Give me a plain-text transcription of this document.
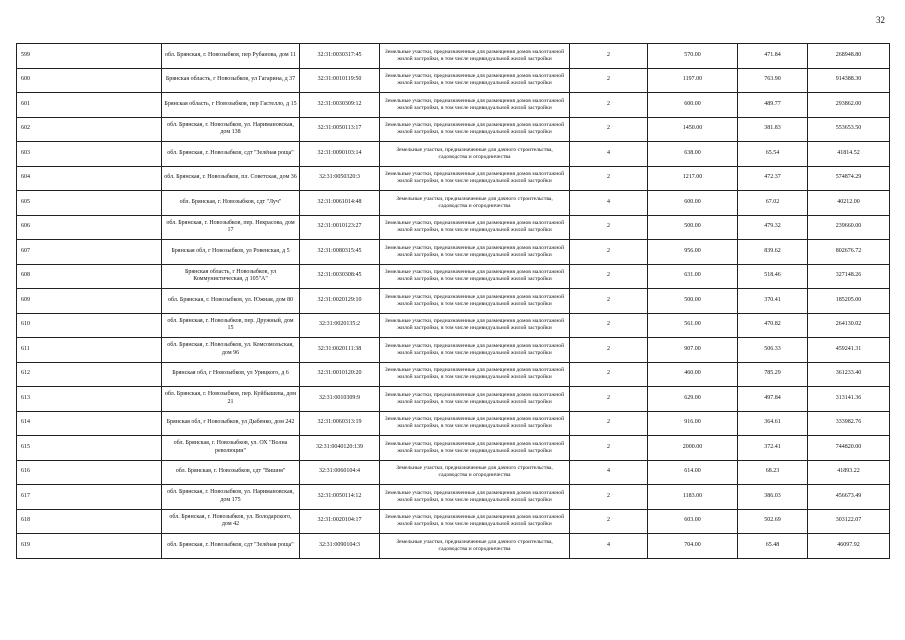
32
599	обл. Брянская, г. Новозыбков, пер Рубанова, дом 11	32:31:0030317:45	Земельные участки, предназначенные для размещения домов малоэтажной жилой застройки, в том числе индивидуальной жилой застройки	2	570.00	471.84	268948.80
600	Брянская область, г Новозыбков, ул Гагарина, д 37	32:31:0010119:50	Земельные участки, предназначенные для размещения домов малоэтажной жилой застройки, в том числе индивидуальной жилой застройки	2	1197.00	763.90	914388.30
601	Брянская область, г Новозыбков, пер Гастелло, д 15	32:31:0030309:12	Земельные участки, предназначенные для размещения домов малоэтажной жилой застройки, в том числе индивидуальной жилой застройки	2	600.00	489.77	293862.00
602	обл. Брянская, г. Новозыбков, ул. Наримановская, дом 138	32:31:0050113:17	Земельные участки, предназначенные для размещения домов малоэтажной жилой застройки, в том числе индивидуальной жилой застройки	2	1450.00	381.83	553653.50
603	обл. Брянская, г. Новозыбков, сдт "Зелёная роща"	32:31:0090103:14	Земельные участки, предназначенные для дачного строительства, садоводства и огородничества	4	638.00	65.54	41814.52
604	обл. Брянская, г. Новозыбков, пл. Советская, дом 36	32:31:0050320:3	Земельные участки, предназначенные для размещения домов малоэтажной жилой застройки, в том числе индивидуальной жилой застройки	2	1217.00	472.37	574874.29
605	обл. Брянская, г. Новозыбков, сдт "Луч"	32:31:0061014:48	Земельные участки, предназначенные для дачного строительства, садоводства и огородничества	4	600.00	67.02	40212.00
606	обл. Брянская, г. Новозыбков, пер. Некрасова, дом 17	32:31:0010123:27	Земельные участки, предназначенные для размещения домов малоэтажной жилой застройки, в том числе индивидуальной жилой застройки	2	500.00	479.32	239660.00
607	Брянская обл, г Новозыбков, ул Ровенская, д 5	32:31:0080315:45	Земельные участки, предназначенные для размещения домов малоэтажной жилой застройки, в том числе индивидуальной жилой застройки	2	956.00	839.62	802676.72
608	Брянская область, г Новозыбков, ул Коммунистическая, д 105"А"	32:31:0030308:45	Земельные участки, предназначенные для размещения домов малоэтажной жилой застройки, в том числе индивидуальной жилой застройки	2	631.00	518.46	327148.26
609	обл. Брянская, г. Новозыбков, ул. Южная, дом 80	32:31:0020129:10	Земельные участки, предназначенные для размещения домов малоэтажной жилой застройки, в том числе индивидуальной жилой застройки	2	500.00	370.41	185205.00
610	обл. Брянская, г. Новозыбков, пер. Дружный, дом 15	32:31:0020135:2	Земельные участки, предназначенные для размещения домов малоэтажной жилой застройки, в том числе индивидуальной жилой застройки	2	561.00	470.82	264130.02
611	обл. Брянская, г. Новозыбков, ул. Комсомольская, дом 96	32:31:0020111:38	Земельные участки, предназначенные для размещения домов малоэтажной жилой застройки, в том числе индивидуальной жилой застройки	2	907.00	506.33	459241.31
612	Брянская обл, г Новозыбков, ул Урицкого, д 6	32:31:0010120:20	Земельные участки, предназначенные для размещения домов малоэтажной жилой застройки, в том числе индивидуальной жилой застройки	2	460.00	785.29	361233.40
613	обл. Брянская, г. Новозыбков, пер. Куйбышева, дом 21	32:31:0010309:9	Земельные участки, предназначенные для размещения домов малоэтажной жилой застройки, в том числе индивидуальной жилой застройки	2	629.00	497.84	313141.36
614	Брянская обл, г Новозыбков, ул Дыбенко, дом 242	32:31:0060313:19	Земельные участки, предназначенные для размещения домов малоэтажной жилой застройки, в том числе индивидуальной жилой застройки	2	916.00	364.61	333982.76
615	обл. Брянская, г. Новозыбков, ул. ОХ "Волна революции"	32:31:0040120:139	Земельные участки, предназначенные для размещения домов малоэтажной жилой застройки, в том числе индивидуальной жилой застройки	2	2000.00	372.41	744820.00
616	обл. Брянская, г. Новозыбков, сдт "Вишня"	32:31:0060104:4	Земельные участки, предназначенные для дачного строительства, садоводства и огородничества	4	614.00	68.23	41893.22
617	обл. Брянская, г. Новозыбков, ул. Наримановская, дом 175	32:31:0050114:12	Земельные участки, предназначенные для размещения домов малоэтажной жилой застройки, в том числе индивидуальной жилой застройки	2	1183.00	386.03	456673.49
618	обл. Брянская, г. Новозыбков, ул. Володарского, дом 42	32:31:0020104:17	Земельные участки, предназначенные для размещения домов малоэтажной жилой застройки, в том числе индивидуальной жилой застройки	2	603.00	502.69	303122.07
619	обл. Брянская, г. Новозыбков, сдт "Зелёная роща"	32:31:0090104:3	Земельные участки, предназначенные для дачного строительства, садоводства и огородничества	4	704.00	65.48	46097.92
